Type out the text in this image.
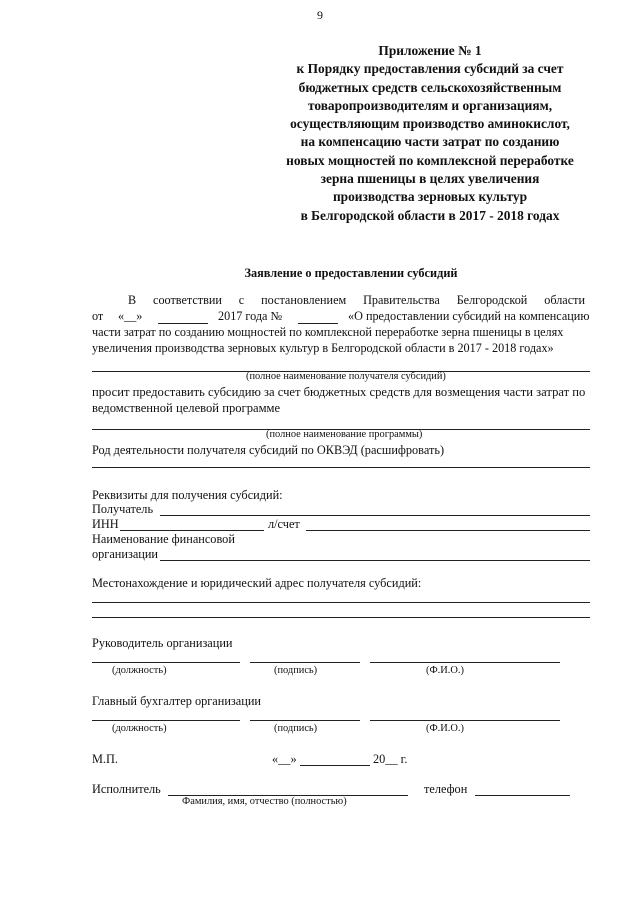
9
Приложение № 1
к Порядку предоставления субсидий за счет
бюджетных средств сельскохозяйственным
товаропроизводителям и организациям,
осуществляющим производство аминокислот,
на компенсацию части затрат по созданию
новых мощностей по комплексной переработке
зерна пшеницы в целях увеличения
производства зерновых культур
в Белгородской области в 2017 - 2018 годах
Заявление о предоставлении субсидий
В соответствии с постановлением Правительства Белгородской области
от «__»	2017 года №	«О предоставлении субсидий на компенсацию
части затрат по созданию мощностей по комплексной переработке зерна пшеницы в целях
увеличения производства зерновых культур в Белгородской области в 2017 - 2018 годах»
(полное наименование получателя субсидий)
просит предоставить субсидию за счет бюджетных средств для возмещения части затрат по
ведомственной целевой программе
(полное наименование программы)
Род деятельности получателя субсидий по ОКВЭД (расшифровать)
Реквизиты для получения субсидий:
Получатель
ИНН	л/счет
Наименование финансовой
организации
Местонахождение и юридический адрес получателя субсидий:
Руководитель организации
(должность)	(подпись)	(Ф.И.О.)
Главный бухгалтер организации
(должность)	(подпись)	(Ф.И.О.)
М.П.	«__»	20__ г.
Исполнитель	телефон
Фамилия, имя, отчество (полностью)
